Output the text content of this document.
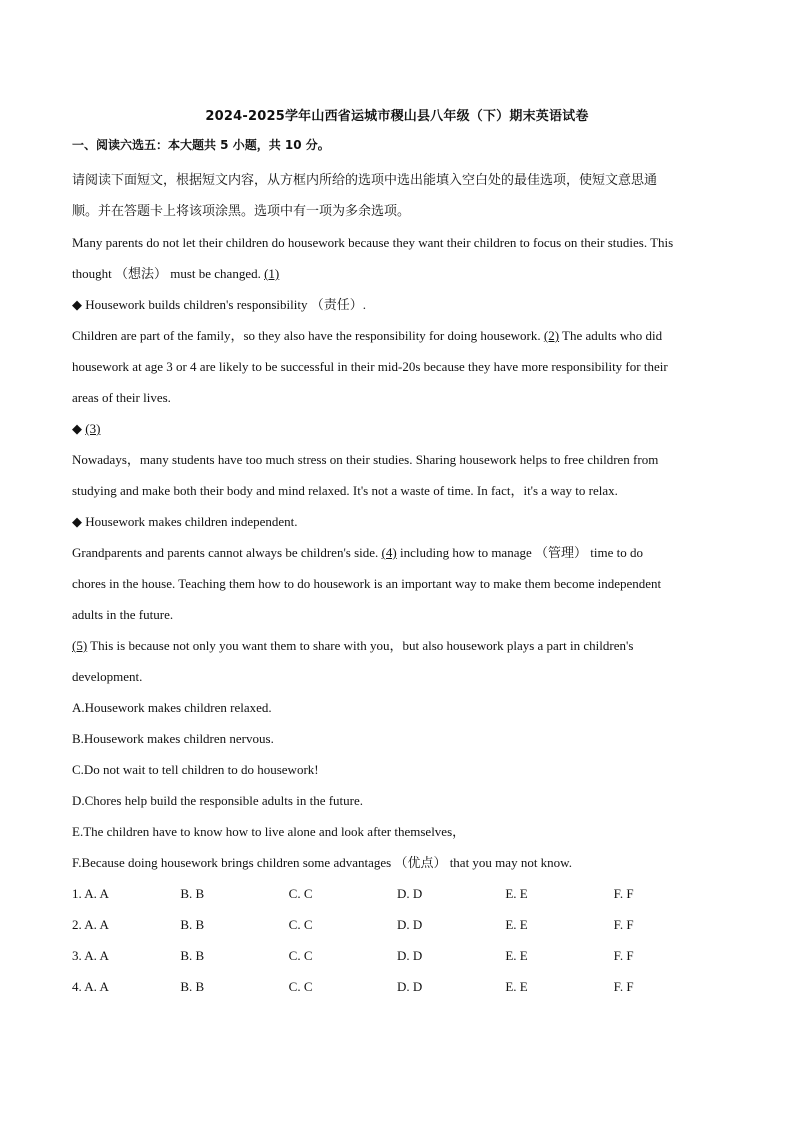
2024-2025学年山西省运城市稷山县八年级（下）期末英语试卷
一、阅读六选五：本大题共 5 小题，共 10 分。

请阅读下面短文，根据短文内容，从方框内所给的选项中选出能填入空白处的最佳选项，使短文意思通

顺。并在答题卡上将该项涂黑。选项中有一项为多余选项。

Many parents do not let their children do housework because they want their children to focus on their studies. This

thought （想法） must be changed. (1)

◆ Housework builds children's responsibility （责任）.

Children are part of the family，so they also have the responsibility for doing housework. (2) The adults who did

housework at age 3 or 4 are likely to be successful in their mid-20s because they have more responsibility for their

areas of their lives.

◆ (3)

Nowadays，many students have too much stress on their studies. Sharing housework helps to free children from

studying and make both their body and mind relaxed. It's not a waste of time. In fact，it's a way to relax.

◆ Housework makes children independent.

Grandparents and parents cannot always be children's side. (4) including how to manage （管理） time to do

chores in the house. Teaching them how to do housework is an important way to make them become independent

adults in the future.

(5) This is because not only you want them to share with you，but also housework plays a part in children's

development.

A.Housework makes children relaxed.

B.Housework makes children nervous.

C.Do not wait to tell children to do housework!

D.Chores help build the responsible adults in the future.

E.The children have to know how to live alone and look after themselves，

F.Because doing housework brings children some advantages （优点） that you may not know.

1. A. A	B. B	C. C	D. D	E. E	F. F
2. A. A	B. B	C. C	D. D	E. E	F. F
3. A. A	B. B	C. C	D. D	E. E	F. F
4. A. A	B. B	C. C	D. D	E. E	F. F
